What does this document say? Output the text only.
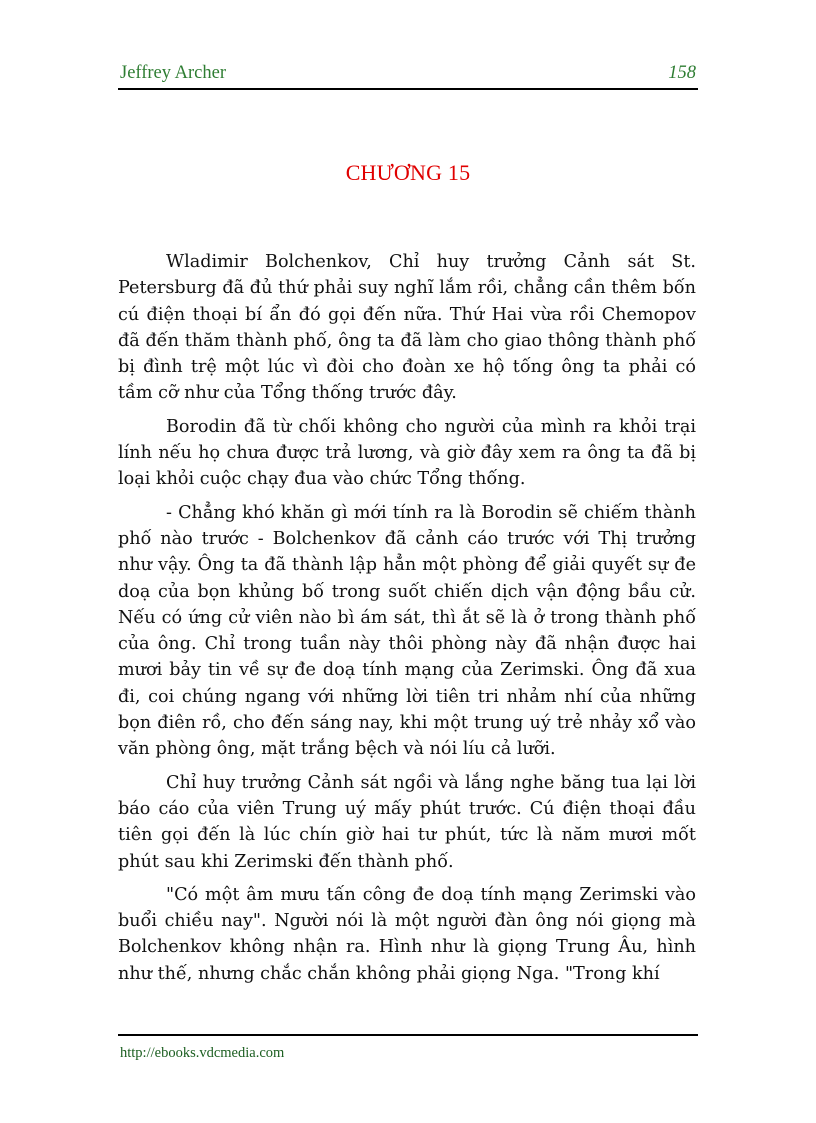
Jeffrey Archer	158
CHƯƠNG 15

Wladimir Bolchenkov, Chỉ huy trưởng Cảnh sát St. Petersburg đã đủ thứ phải suy nghĩ lắm rồi, chẳng cần thêm bốn cú điện thoại bí ẩn đó gọi đến nữa. Thứ Hai vừa rồi Chemopov đã đến thăm thành phố, ông ta đã làm cho giao thông thành phố bị đình trệ một lúc vì đòi cho đoàn xe hộ tống ông ta phải có tầm cỡ như của Tổng thống trước đây.

Borodin đã từ chối không cho người của mình ra khỏi trại lính nếu họ chưa được trả lương, và giờ đây xem ra ông ta đã bị loại khỏi cuộc chạy đua vào chức Tổng thống.

- Chẳng khó khăn gì mới tính ra là Borodin sẽ chiếm thành phố nào trước - Bolchenkov đã cảnh cáo trước với Thị trưởng như vậy. Ông ta đã thành lập hẳn một phòng để giải quyết sự đe doạ của bọn khủng bố trong suốt chiến dịch vận động bầu cử. Nếu có ứng cử viên nào bì ám sát, thì ắt sẽ là ở trong thành phố của ông. Chỉ trong tuần này thôi phòng này đã nhận được hai mươi bảy tin về sự đe doạ tính mạng của Zerimski. Ông đã xua đi, coi chúng ngang với những lời tiên tri nhảm nhí của những bọn điên rồ, cho đến sáng nay, khi một trung uý trẻ nhảy xổ vào văn phòng ông, mặt trắng bệch và nói líu cả lưỡi.

Chỉ huy trưởng Cảnh sát ngồi và lắng nghe băng tua lại lời báo cáo của viên Trung uý mấy phút trước. Cú điện thoại đầu tiên gọi đến là lúc chín giờ hai tư phút, tức là năm mươi mốt phút sau khi Zerimski đến thành phố.

"Có một âm mưu tấn công đe doạ tính mạng Zerimski vào buổi chiều nay". Người nói là một người đàn ông nói giọng mà Bolchenkov không nhận ra. Hình như là giọng Trung Âu, hình như thế, nhưng chắc chắn không phải giọng Nga. "Trong khí

http://ebooks.vdcmedia.com
